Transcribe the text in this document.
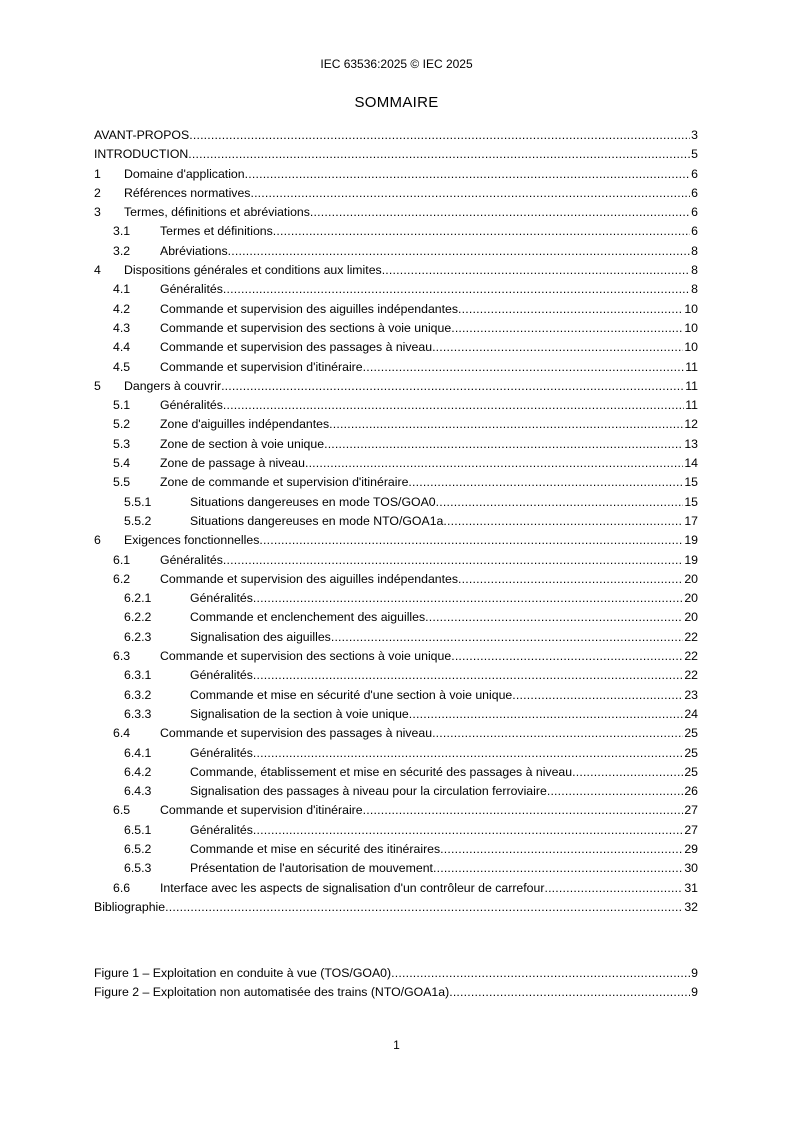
IEC 63536:2025 © IEC 2025
SOMMAIRE
AVANT-PROPOS .....	3
INTRODUCTION .....	5
1	Domaine d'application .....	6
2	Références normatives .....	6
3	Termes, définitions et abréviations .....	6
3.1	Termes et définitions .....	6
3.2	Abréviations .....	8
4	Dispositions générales et conditions aux limites .....	8
4.1	Généralités .....	8
4.2	Commande et supervision des aiguilles indépendantes .....	10
4.3	Commande et supervision des sections à voie unique .....	10
4.4	Commande et supervision des passages à niveau .....	10
4.5	Commande et supervision d'itinéraire .....	11
5	Dangers à couvrir .....	11
5.1	Généralités .....	11
5.2	Zone d'aiguilles indépendantes .....	12
5.3	Zone de section à voie unique .....	13
5.4	Zone de passage à niveau .....	14
5.5	Zone de commande et supervision d'itinéraire .....	15
5.5.1	Situations dangereuses en mode TOS/GOA0 .....	15
5.5.2	Situations dangereuses en mode NTO/GOA1a .....	17
6	Exigences fonctionnelles .....	19
6.1	Généralités .....	19
6.2	Commande et supervision des aiguilles indépendantes .....	20
6.2.1	Généralités .....	20
6.2.2	Commande et enclenchement des aiguilles .....	20
6.2.3	Signalisation des aiguilles .....	22
6.3	Commande et supervision des sections à voie unique .....	22
6.3.1	Généralités .....	22
6.3.2	Commande et mise en sécurité d'une section à voie unique .....	23
6.3.3	Signalisation de la section à voie unique .....	24
6.4	Commande et supervision des passages à niveau .....	25
6.4.1	Généralités .....	25
6.4.2	Commande, établissement et mise en sécurité des passages à niveau .....	25
6.4.3	Signalisation des passages à niveau pour la circulation ferroviaire .....	26
6.5	Commande et supervision d'itinéraire .....	27
6.5.1	Généralités .....	27
6.5.2	Commande et mise en sécurité des itinéraires .....	29
6.5.3	Présentation de l'autorisation de mouvement .....	30
6.6	Interface avec les aspects de signalisation d'un contrôleur de carrefour .....	31
Bibliographie .....	32
Figure 1 – Exploitation en conduite à vue (TOS/GOA0) .....	9
Figure 2 – Exploitation non automatisée des trains (NTO/GOA1a) .....	9
1
